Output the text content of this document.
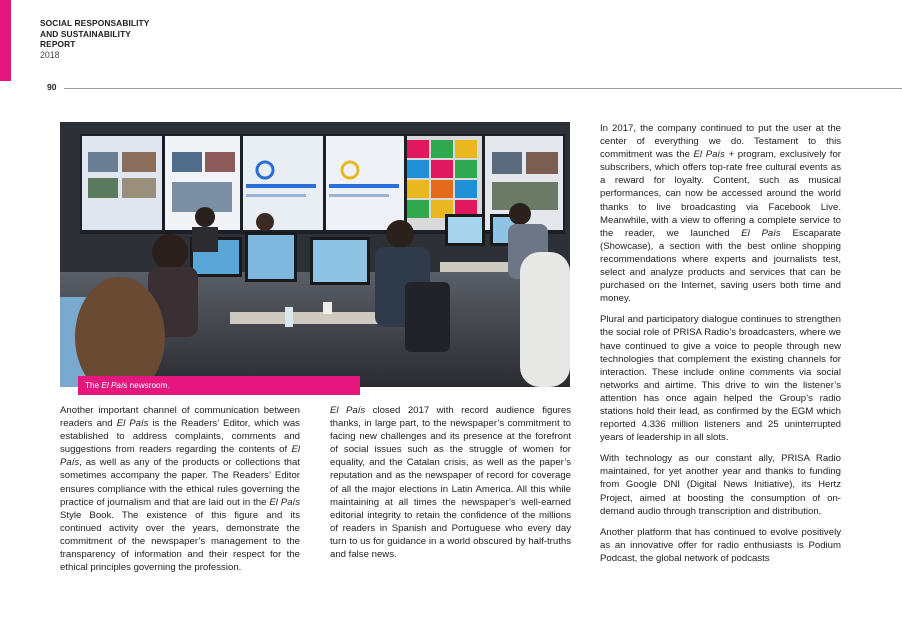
SOCIAL RESPONSABILITY
AND SUSTAINABILITY
REPORT
2018
90
The El País newsroom.

Another important channel of communication between readers and El País is the Readers’ Editor, which was established to address complaints, comments and suggestions from readers regarding the contents of El País, as well as any of the products or collections that sometimes accompany the paper. The Readers’ Editor ensures compliance with the ethical rules governing the practice of journalism and that are laid out in the El País Style Book. The existence of this figure and its continued activity over the years, demonstrate the commitment of the newspaper’s management to the transparency of information and their respect for the ethical principles governing the profession.

El País closed 2017 with record audience figures thanks, in large part, to the newspaper’s commitment to facing new challenges and its presence at the forefront of social issues such as the struggle of women for equality, and the Catalan crisis, as well as the paper’s reputation and as the newspaper of record for coverage of all the major elections in Latin America. All this while maintaining at all times the newspaper’s well-earned editorial integrity to retain the confidence of the millions of readers in Spanish and Portuguese who every day turn to us for guidance in a world obscured by half-truths and false news.

In 2017, the company continued to put the user at the center of everything we do. Testament to this commitment was the El País + program, exclusively for subscribers, which offers top-rate free cultural events as a reward for loyalty. Content, such as musical performances, can now be accessed around the world thanks to live broadcasting via Facebook Live. Meanwhile, with a view to offering a complete service to the reader, we launched El País Escaparate (Showcase), a section with the best online shopping recommendations where experts and journalists test, select and analyze products and services that can be purchased on the Internet, saving users both time and money.

Plural and participatory dialogue continues to strengthen the social role of PRISA Radio’s broadcasters, where we have continued to give a voice to people through new technologies that complement the existing channels for interaction. These include online comments via social networks and airtime. This drive to win the listener’s attention has once again helped the Group’s radio stations hold their lead, as confirmed by the EGM which reported 4.336 million listeners and 25 uninterrupted years of leadership in all slots.

With technology as our constant ally, PRISA Radio maintained, for yet another year and thanks to funding from Google DNI (Digital News Initiative), its Hertz Project, aimed at boosting the consumption of on-demand audio through transcription and distribution.

Another platform that has continued to evolve positively as an innovative offer for radio enthusiasts is Podium Podcast, the global network of podcasts
